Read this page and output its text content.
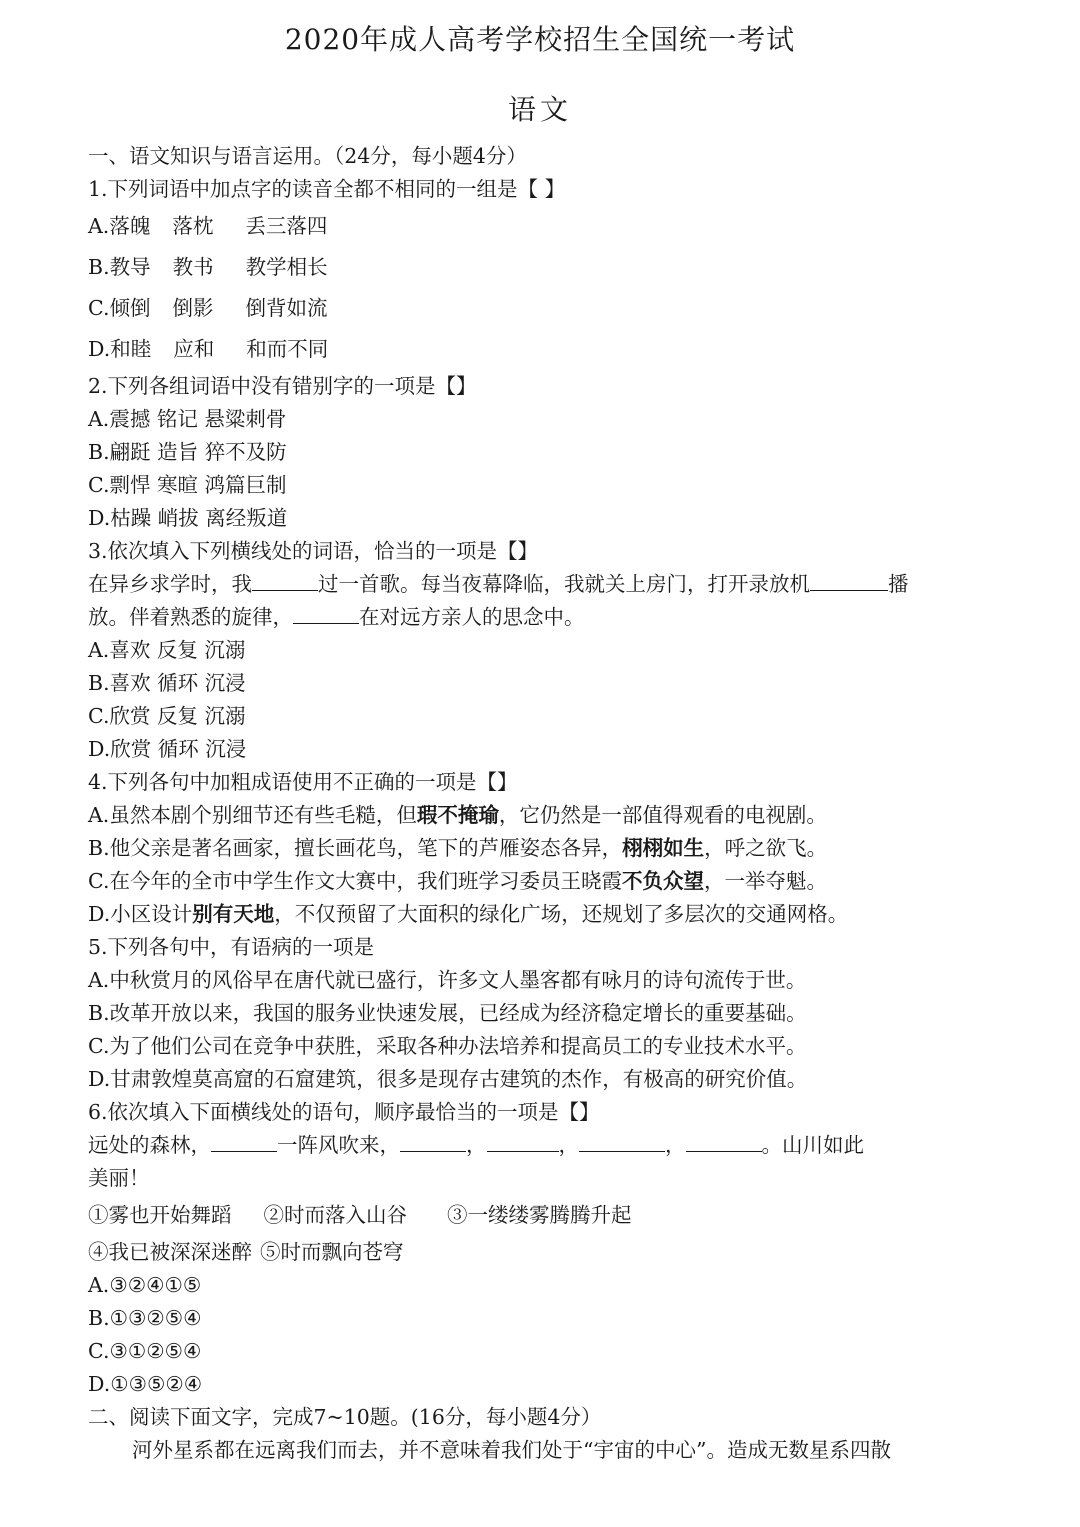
2020年成人高考学校招生全国统一考试
语文
一、语文知识与语言运用。（24分，每小题4分）
1.下列词语中加点字的读音全都不相同的一组是【 】
A.落魄 落枕 丢三落四
B.教导 教书 教学相长
C.倾倒 倒影 倒背如流
D.和睦 应和 和而不同
2.下列各组词语中没有错别字的一项是【】
A.震撼 铭记 悬粱刺骨
B.翩跹 造旨 猝不及防
C.剽悍 寒暄 鸿篇巨制
D.枯躁 峭拔 离经叛道
3.依次填入下列横线处的词语，恰当的一项是【】
在异乡求学时，我	过一首歌。每当夜幕降临，我就关上房门，打开录放机	播
放。伴着熟悉的旋律，	在对远方亲人的思念中。
A.喜欢 反复 沉溺
B.喜欢 循环 沉浸
C.欣赏 反复 沉溺
D.欣赏 循环 沉浸
4.下列各句中加粗成语使用不正确的一项是【】
A.虽然本剧个别细节还有些毛糙，但瑕不掩瑜，它仍然是一部值得观看的电视剧。
B.他父亲是著名画家，擅长画花鸟，笔下的芦雁姿态各异，栩栩如生，呼之欲飞。
C.在今年的全市中学生作文大赛中，我们班学习委员王晓霞不负众望，一举夺魁。
D.小区设计别有天地，不仅预留了大面积的绿化广场，还规划了多层次的交通网格。
5.下列各句中，有语病的一项是
A.中秋赏月的风俗早在唐代就已盛行，许多文人墨客都有咏月的诗句流传于世。
B.改革开放以来，我国的服务业快速发展，已经成为经济稳定增长的重要基础。
C.为了他们公司在竞争中获胜，采取各种办法培养和提高员工的专业技术水平。
D.甘肃敦煌莫高窟的石窟建筑，很多是现存古建筑的杰作，有极高的研究价值。
6.依次填入下面横线处的语句，顺序最恰当的一项是【】
远处的森林，	一阵风吹来，	，	，	，	。山川如此
美丽！
①雾也开始舞蹈 ②时而落入山谷 ③一缕缕雾腾腾升起
④我已被深深迷醉 ⑤时而飘向苍穹
A.③②④①⑤
B.①③②⑤④
C.③①②⑤④
D.①③⑤②④
二、阅读下面文字，完成7~10题。(16分，每小题4分）
河外星系都在远离我们而去，并不意味着我们处于“宇宙的中心”。造成无数星系四散
